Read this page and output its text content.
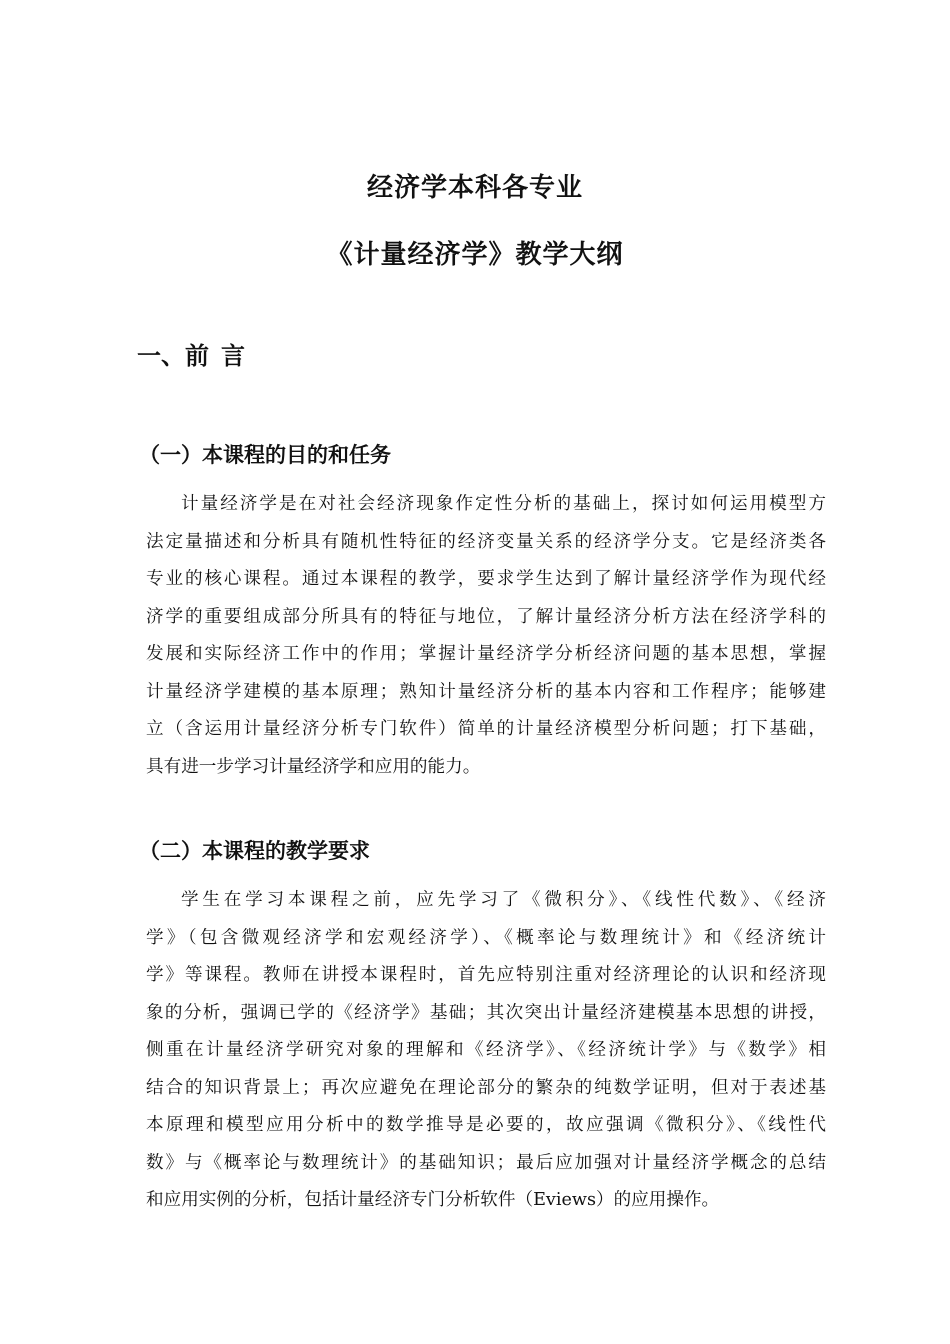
经济学本科各专业
《计量经济学》教学大纲
一、前 言
（一）本课程的目的和任务
计量经济学是在对社会经济现象作定性分析的基础上，探讨如何运用模型方
法定量描述和分析具有随机性特征的经济变量关系的经济学分支。它是经济类各
专业的核心课程。通过本课程的教学，要求学生达到了解计量经济学作为现代经
济学的重要组成部分所具有的特征与地位，了解计量经济分析方法在经济学科的
发展和实际经济工作中的作用；掌握计量经济学分析经济问题的基本思想，掌握
计量经济学建模的基本原理；熟知计量经济分析的基本内容和工作程序；能够建
立（含运用计量经济分析专门软件）简单的计量经济模型分析问题；打下基础，
具有进一步学习计量经济学和应用的能力。
（二）本课程的教学要求
学生在学习本课程之前，应先学习了《微积分》、《线性代数》、《经济
学》（包含微观经济学和宏观经济学）、《概率论与数理统计》和《经济统计
学》等课程。教师在讲授本课程时，首先应特别注重对经济理论的认识和经济现
象的分析，强调已学的《经济学》基础；其次突出计量经济建模基本思想的讲授，
侧重在计量经济学研究对象的理解和《经济学》、《经济统计学》与《数学》相
结合的知识背景上；再次应避免在理论部分的繁杂的纯数学证明，但对于表述基
本原理和模型应用分析中的数学推导是必要的，故应强调《微积分》、《线性代
数》与《概率论与数理统计》的基础知识；最后应加强对计量经济学概念的总结
和应用实例的分析，包括计量经济专门分析软件（Eviews）的应用操作。
